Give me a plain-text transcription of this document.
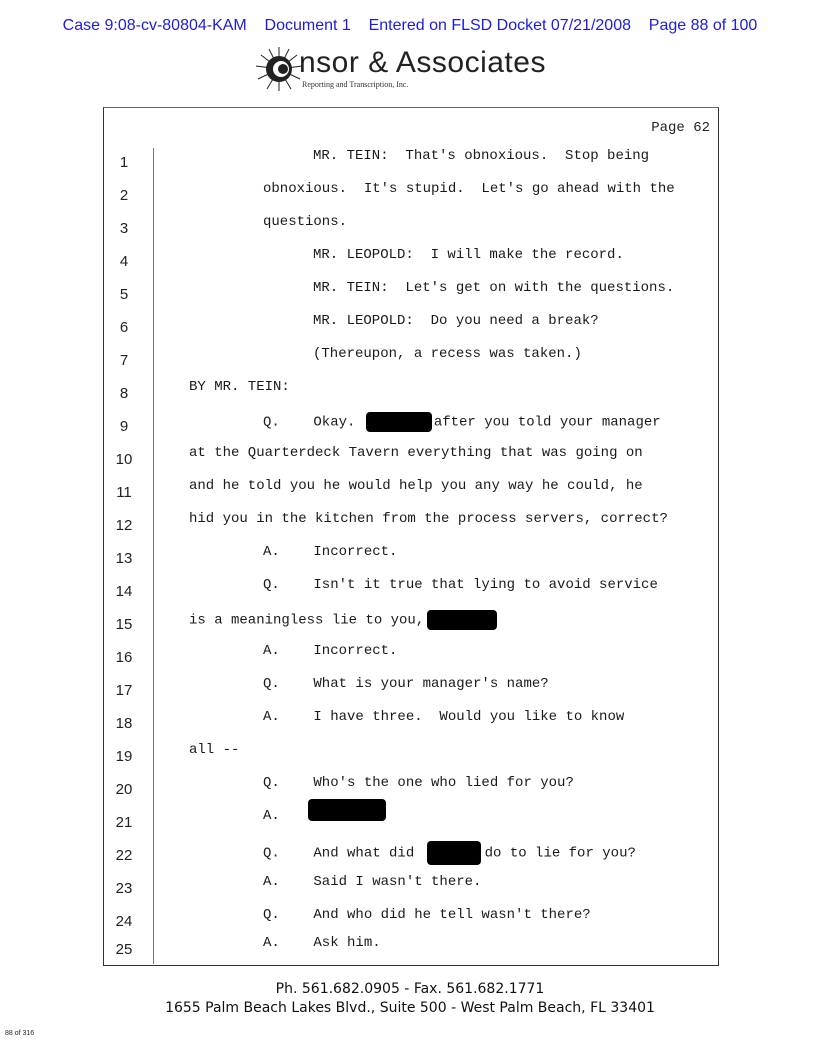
Case 9:08-cv-80804-KAM Document 1 Entered on FLSD Docket 07/21/2008 Page 88 of 100
nsor & Associates
Reporting and Transcription, Inc.
Page 62
1	MR. TEIN:  That's obnoxious.  Stop being
2	obnoxious.  It's stupid.  Let's go ahead with the
3	questions.
4	MR. LEOPOLD:  I will make the record.
5	MR. TEIN:  Let's get on with the questions.
6	MR. LEOPOLD:  Do you need a break?
7	(Thereupon, a recess was taken.)
8	BY MR. TEIN:
9	Q.    Okay.	after you told your manager
10	at the Quarterdeck Tavern everything that was going on
11	and he told you he would help you any way he could, he
12	hid you in the kitchen from the process servers, correct?
13	A.    Incorrect.
14	Q.    Isn't it true that lying to avoid service
15	is a meaningless lie to you,
16	A.    Incorrect.
17	Q.    What is your manager's name?
18	A.    I have three.  Would you like to know
19	all --
20	Q.    Who's the one who lied for you?
21	A.
22	Q.    And what did	do to lie for you?
23	A.    Said I wasn't there.
24	Q.    And who did he tell wasn't there?
25	A.    Ask him.
Ph. 561.682.0905 - Fax. 561.682.1771
1655 Palm Beach Lakes Blvd., Suite 500 - West Palm Beach, FL 33401
88 of 316
